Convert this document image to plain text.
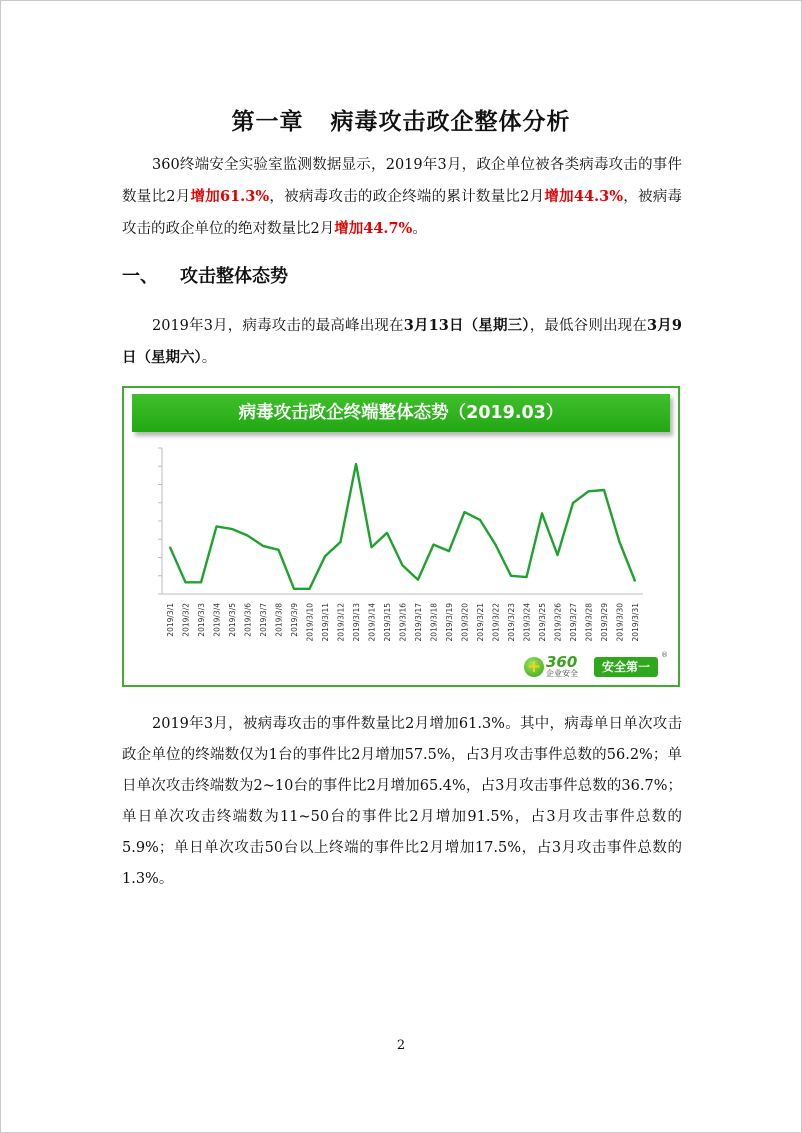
第一章 病毒攻击政企整体分析
360终端安全实验室监测数据显示，2019年3月，政企单位被各类病毒攻击的事件数量比2月增加61.3%，被病毒攻击的政企终端的累计数量比2月增加44.3%，被病毒攻击的政企单位的绝对数量比2月增加44.7%。
一、 攻击整体态势
2019年3月，病毒攻击的最高峰出现在3月13日（星期三），最低谷则出现在3月9日（星期六）。
病毒攻击政企终端整体态势（2019.03）
2019/3/1 2019/3/2 2019/3/3 2019/3/4 2019/3/5 2019/3/6 2019/3/7 2019/3/8 2019/3/9 2019/3/10 2019/3/11 2019/3/12 2019/3/13 2019/3/14 2019/3/15 2019/3/16 2019/3/17 2019/3/18 2019/3/19 2019/3/20 2019/3/21 2019/3/22 2019/3/23 2019/3/24 2019/3/25 2019/3/26 2019/3/27 2019/3/28 2019/3/29 2019/3/30 2019/3/31
+ 360
企业安全	安全第一
®
2019年3月，被病毒攻击的事件数量比2月增加61.3%。其中，病毒单日单次攻击政企单位的终端数仅为1台的事件比2月增加57.5%，占3月攻击事件总数的56.2%；单日单次攻击终端数为2~10台的事件比2月增加65.4%，占3月攻击事件总数的36.7%；单日单次攻击终端数为11~50台的事件比2月增加91.5%，占3月攻击事件总数的5.9%；单日单次攻击50台以上终端的事件比2月增加17.5%，占3月攻击事件总数的1.3%。
2
